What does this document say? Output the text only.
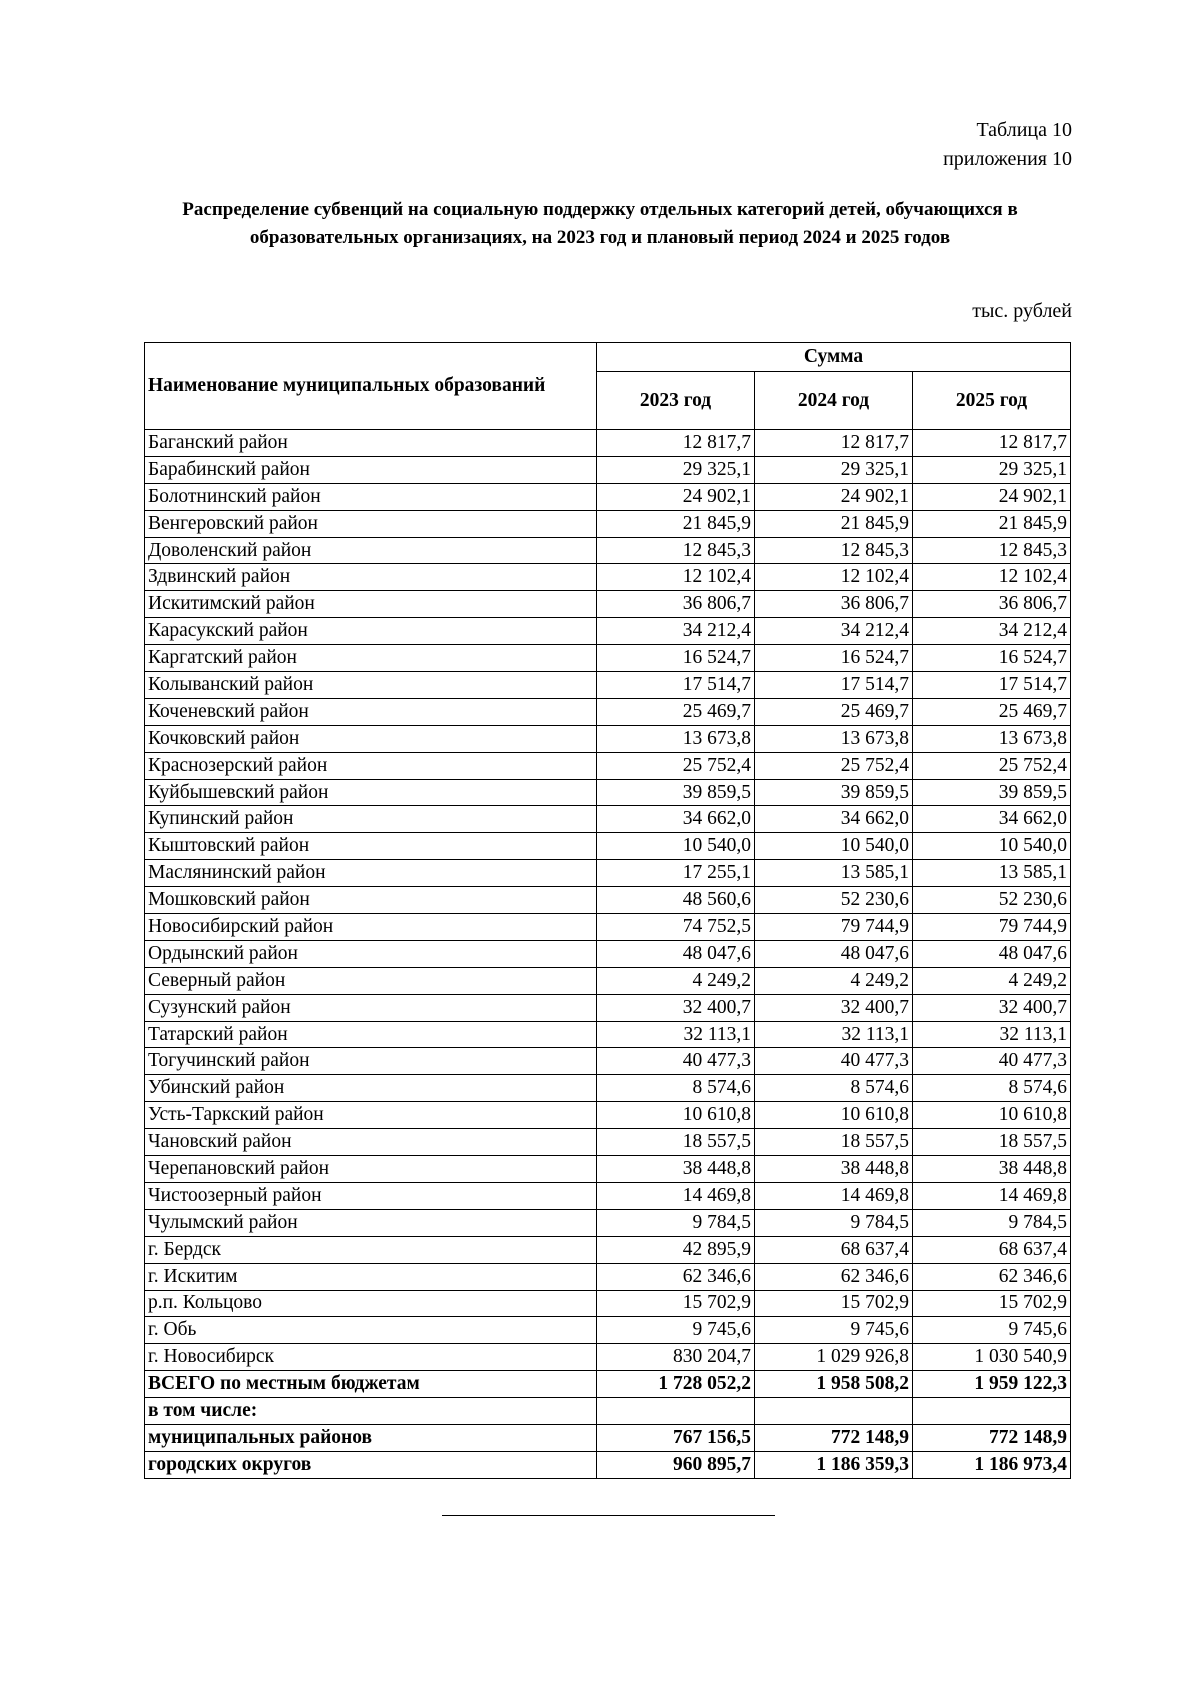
Таблица 10
приложения 10
Распределение субвенций на социальную поддержку отдельных категорий детей, обучающихся в образовательных организациях, на 2023 год и плановый период 2024 и 2025 годов
тыс. рублей
Наименование муниципальных образований	Сумма		
	2023 год	2024 год	2025 год
Баганский район	12 817,7	12 817,7	12 817,7
Барабинский район	29 325,1	29 325,1	29 325,1
Болотнинский район	24 902,1	24 902,1	24 902,1
Венгеровский район	21 845,9	21 845,9	21 845,9
Доволенский район	12 845,3	12 845,3	12 845,3
Здвинский район	12 102,4	12 102,4	12 102,4
Искитимский район	36 806,7	36 806,7	36 806,7
Карасукский район	34 212,4	34 212,4	34 212,4
Каргатский район	16 524,7	16 524,7	16 524,7
Колыванский район	17 514,7	17 514,7	17 514,7
Коченевский район	25 469,7	25 469,7	25 469,7
Кочковский район	13 673,8	13 673,8	13 673,8
Краснозерский район	25 752,4	25 752,4	25 752,4
Куйбышевский район	39 859,5	39 859,5	39 859,5
Купинский район	34 662,0	34 662,0	34 662,0
Кыштовский район	10 540,0	10 540,0	10 540,0
Маслянинский район	17 255,1	13 585,1	13 585,1
Мошковский район	48 560,6	52 230,6	52 230,6
Новосибирский район	74 752,5	79 744,9	79 744,9
Ордынский район	48 047,6	48 047,6	48 047,6
Северный район	4 249,2	4 249,2	4 249,2
Сузунский район	32 400,7	32 400,7	32 400,7
Татарский район	32 113,1	32 113,1	32 113,1
Тогучинский район	40 477,3	40 477,3	40 477,3
Убинский район	8 574,6	8 574,6	8 574,6
Усть-Таркский район	10 610,8	10 610,8	10 610,8
Чановский район	18 557,5	18 557,5	18 557,5
Черепановский район	38 448,8	38 448,8	38 448,8
Чистоозерный район	14 469,8	14 469,8	14 469,8
Чулымский район	9 784,5	9 784,5	9 784,5
г. Бердск	42 895,9	68 637,4	68 637,4
г. Искитим	62 346,6	62 346,6	62 346,6
р.п. Кольцово	15 702,9	15 702,9	15 702,9
г. Обь	9 745,6	9 745,6	9 745,6
г. Новосибирск	830 204,7	1 029 926,8	1 030 540,9
ВСЕГО по местным бюджетам	1 728 052,2	1 958 508,2	1 959 122,3
в том числе:			
муниципальных районов	767 156,5	772 148,9	772 148,9
городских округов	960 895,7	1 186 359,3	1 186 973,4
